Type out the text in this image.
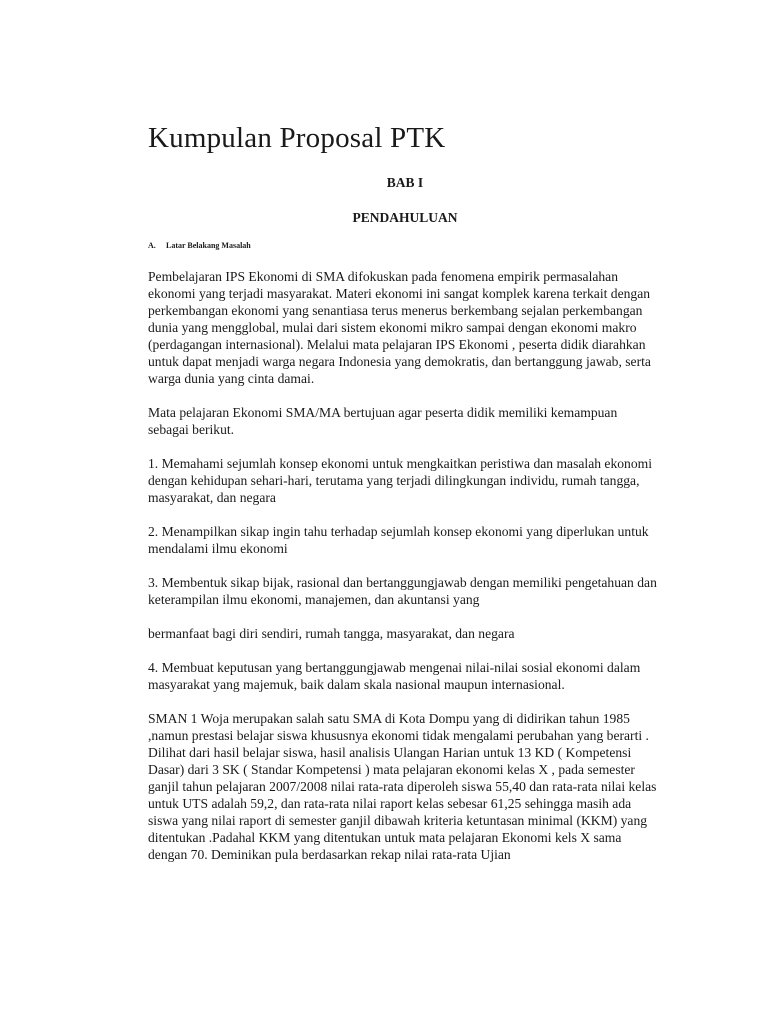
Kumpulan Proposal PTK

BAB I

PENDAHULUAN

A. Latar Belakang Masalah

Pembelajaran IPS Ekonomi di SMA difokuskan pada fenomena empirik permasalahan ekonomi yang terjadi masyarakat. Materi ekonomi ini sangat komplek karena terkait dengan perkembangan ekonomi yang senantiasa terus menerus berkembang sejalan perkembangan dunia yang mengglobal, mulai dari sistem ekonomi mikro sampai dengan ekonomi makro (perdagangan internasional). Melalui mata pelajaran IPS Ekonomi , peserta didik diarahkan untuk dapat menjadi warga negara Indonesia yang demokratis, dan bertanggung jawab, serta warga dunia yang cinta damai.

Mata pelajaran Ekonomi SMA/MA bertujuan agar peserta didik memiliki kemampuan sebagai berikut.

1. Memahami sejumlah konsep ekonomi untuk mengkaitkan peristiwa dan masalah ekonomi dengan kehidupan sehari-hari, terutama yang terjadi dilingkungan individu, rumah tangga, masyarakat, dan negara

2. Menampilkan sikap ingin tahu terhadap sejumlah konsep ekonomi yang diperlukan untuk mendalami ilmu ekonomi

3. Membentuk sikap bijak, rasional dan bertanggungjawab dengan memiliki pengetahuan dan keterampilan ilmu ekonomi, manajemen, dan akuntansi yang

bermanfaat bagi diri sendiri, rumah tangga, masyarakat, dan negara

4. Membuat keputusan yang bertanggungjawab mengenai nilai-nilai sosial ekonomi dalam masyarakat yang majemuk, baik dalam skala nasional maupun internasional.

SMAN 1 Woja merupakan salah satu SMA di Kota Dompu yang di didirikan tahun 1985 ,namun prestasi belajar siswa khususnya ekonomi tidak mengalami perubahan yang berarti . Dilihat dari hasil belajar siswa, hasil analisis Ulangan Harian untuk 13 KD ( Kompetensi Dasar) dari 3 SK ( Standar Kompetensi ) mata pelajaran ekonomi kelas X , pada semester ganjil tahun pelajaran 2007/2008 nilai rata-rata diperoleh siswa 55,40 dan rata-rata nilai kelas untuk UTS adalah 59,2, dan rata-rata nilai raport kelas sebesar 61,25 sehingga masih ada siswa yang nilai raport di semester ganjil dibawah kriteria ketuntasan minimal (KKM) yang ditentukan .Padahal KKM yang ditentukan untuk mata pelajaran Ekonomi kels X sama dengan 70. Deminikan pula berdasarkan rekap nilai rata-rata Ujian
